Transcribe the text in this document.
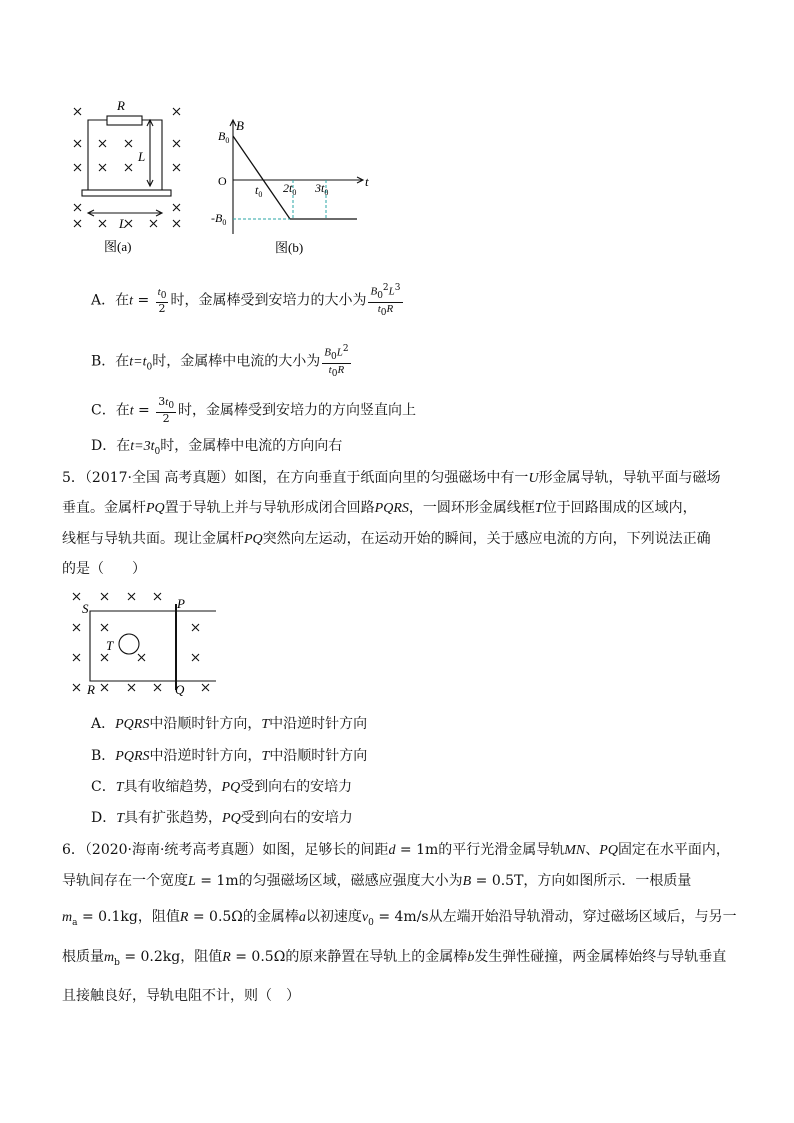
R
L
L
图(a)
B
t
$B_0$
O
$-B_0$
$t_0$ $2t_0$ $3t_0$
图(b)
A．在$t = \frac{t_0}{2}$ 时，金属棒受到安培力的大小为 $\frac{B_0^2L^3}{t_0R}$
B．在$t=t_0$时，金属棒中电流的大小为 $\frac{B_0L^2}{t_0R}$
C．在$t = \frac{3t_0}{2}$ 时，金属棒受到安培力的方向竖直向上
D．在$t=3t_0$时，金属棒中电流的方向向右
5．（2017·全国 高考真题）如图，在方向垂直于纸面向里的匀强磁场中有一U形金属导轨，导轨平面与磁场
垂直。金属杆PQ置于导轨上并与导轨形成闭合回路PQRS，一圆环形金属线框T位于回路围成的区域内，
线框与导轨共面。现让金属杆PQ突然向左运动，在运动开始的瞬间，关于感应电流的方向，下列说法正确
的是（　　）
S	P
T
R	Q
A．PQRS中沿顺时针方向，T中沿逆时针方向
B．PQRS中沿逆时针方向，T中沿顺时针方向
C．T具有收缩趋势，PQ受到向右的安培力
D．T具有扩张趋势，PQ受到向右的安培力
6．（2020·海南·统考高考真题）如图，足够长的间距d = 1m的平行光滑金属导轨MN、PQ固定在水平面内，
导轨间存在一个宽度L = 1m的匀强磁场区域，磁感应强度大小为B = 0.5T，方向如图所示．一根质量
$m_a = 0.1kg$，阻值R = 0.5Ω的金属棒a以初速度$v_0 = 4m/s$从左端开始沿导轨滑动，穿过磁场区域后，与另一
根质量$m_b = 0.2kg$，阻值R = 0.5Ω的原来静置在导轨上的金属棒b发生弹性碰撞，两金属棒始终与导轨垂直
且接触良好，导轨电阻不计，则（　）
